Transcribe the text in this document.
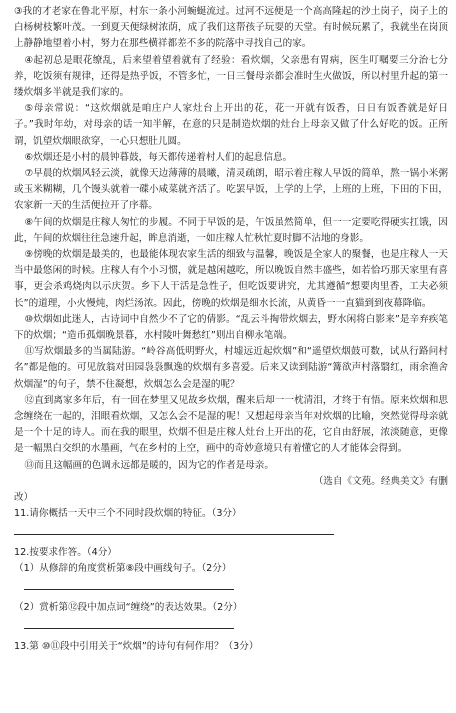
③我的才老家在鲁北平原，村东一条小河蜿蜒流过。过河不远便是一个高高隆起的沙土岗子，岗子上的白杨树枝繁叶茂。一到夏天便绿树浓荫，成了我们这帮孩子玩耍的天堂。有时候玩累了，我就坐在岗顶上静静地望着小村，努力在那些横祥都差不多的院落中寻找自己的家。

④起初总是眼花缭乱，后来望着望着就有了经验：看炊烟，父亲患有胃病，医生叮嘱要三分治七分养，吃饭须有规律，还得是热乎饭，不管多忙，一日三餐母亲都会准时生火做饭，所以村里升起的第一缕炊烟多半就是我们家的。

⑤母亲常说：“这炊烟就是咱庄户人家灶台上开出的花，花一开就有饭香，日日有饭香就是好日子。”我时年幼，对母亲的话一知半解，在意的只是制造炊烟的灶台上母亲又做了什么好吃的饭。正所谓，饥望炊烟眼欲穿，一心只想肚儿圆。

⑥炊烟还是小村的晨钟暮鼓，每天都传递着村人们的起息信息。

⑦早晨的炊烟风轻云淡，就像天边薄薄的晨曦，清灵疏朗，昭示着庄稼人早饭的简单，熬一锅小米粥或玉米糊糊，几个馒头就着一碟小咸菜就齐活了。吃罢早饭，上学的上学，上班的上班，下田的下田，农家新一天的生活便拉开了序幕。

⑧午间的炊烟是庄稼人匆忙的步履。不同于早饭的是，午饭虽然简单，但一一定要吃得硬实扛饿，因此，午间的炊烟往往急速升起，眸息消逝，一如庄稼人忙秋忙夏时脚不沾地的身影。

⑨傍晚的炊烟是最美的，也最能体现农家生活的细致与温馨，晚饭是全家人的聚餐，也是庄稼人一天当中最悠闲的时候。庄稼人有个小习惯，就是越闲越吃，所以晚饭自然丰盛些，如若恰巧那天家里有喜事，更会杀鸡烧肉以示庆贺。乡下人干活是急性子，但吃饭要讲究，尤其遵循“想要肉里香，工夫必须长”的道理，小火慢炖，肉烂汤浓。因此，傍晚的炊烟是细水长流，从黄昏一一直猫到到夜幕降临。

⑩炊烟如此迷人，古诗词中自然少不了它的倩影。“乱云斗掏带炊烟去，野水闲将白影来”是辛弃疾笔下的炊烟；“造币孤烟晚景暮，水村陵叶舞愁红”则出自柳永笔端。

⑪写炊烟最多的当属陆游。“岭谷高低明野火，村墟远近起炊烟”和“遥望炊烟鼓可数，试从行路问村名”都是他的。可见放翁对田园袅袅飘逸的炊烟有多喜爱。后来又读到陆游“篝欲声村落翳红，雨余渔舍炊烟湿”的句子，禁不住凝想，炊烟怎么会是湿的呢？

⑫直到离家多年后，有一回在梦里又见故乡炊烟，醒来后却一一枕清泪，才终于有悟。原来炊烟和思念缠绕在一起的，泪眼看炊烟，又怎么会不是湿的呢！又想起母亲当年对炊烟的比喻，突然觉得母亲就是一个十足的诗人。而在我的眼里，炊烟不但是庄稼人灶台上开出的花，它自由舒展，浓淡随意，更像是一幅黑白交织的水墨画，气在乡村的上空，画中的奇妙意境只有着懂它的人才能体会得到。

⑬而且这幅画的色调永远都是暖的，因为它的作者是母亲。

（选自《文苑。经典美文》有删
改）

11.请你概括一天中三个不同时段炊烟的特征。（3分）

12.按要求作答。（4分）

（1）从修辞的角度赏析第⑧段中画线句子。（2分）

（2）赏析第⑫段中加点词“缠绕”的表达效果。（2分）

13.第 ⑩⑪段中引用关于“炊烟”的诗句有何作用？（3分）
